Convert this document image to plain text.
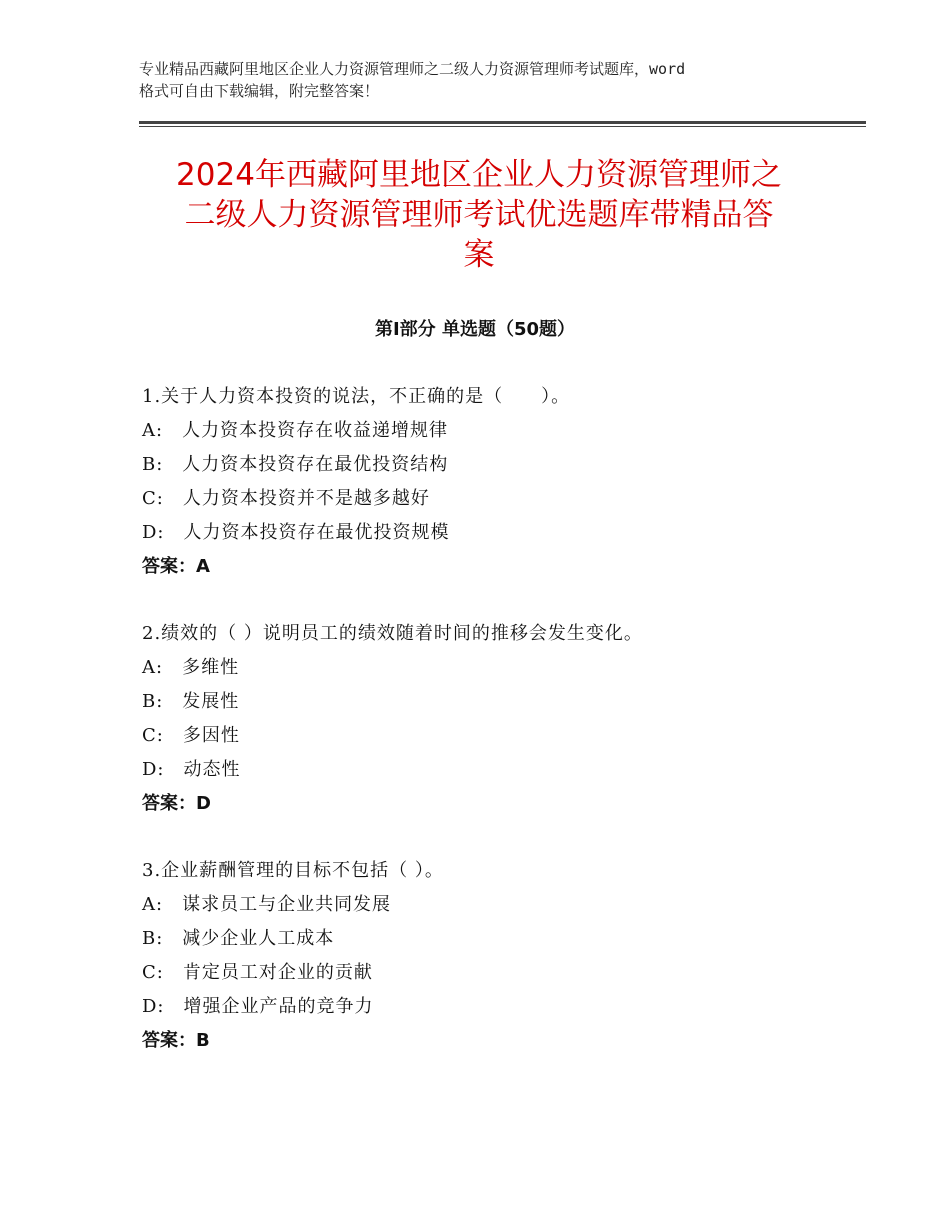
专业精品西藏阿里地区企业人力资源管理师之二级人力资源管理师考试题库，word
格式可自由下载编辑，附完整答案！
2024年西藏阿里地区企业人力资源管理师之
二级人力资源管理师考试优选题库带精品答
案
第Ⅰ部分 单选题（50题）
1.关于人力资本投资的说法，不正确的是（　　）。
A:　人力资本投资存在收益递增规律
B:　人力资本投资存在最优投资结构
C:　人力资本投资并不是越多越好
D:　人力资本投资存在最优投资规模
答案：A
2.绩效的（ ）说明员工的绩效随着时间的推移会发生变化。
A:　多维性
B:　发展性
C:　多因性
D:　动态性
答案：D
3.企业薪酬管理的目标不包括（ ）。
A:　谋求员工与企业共同发展
B:　减少企业人工成本
C:　肯定员工对企业的贡献
D:　增强企业产品的竞争力
答案：B
